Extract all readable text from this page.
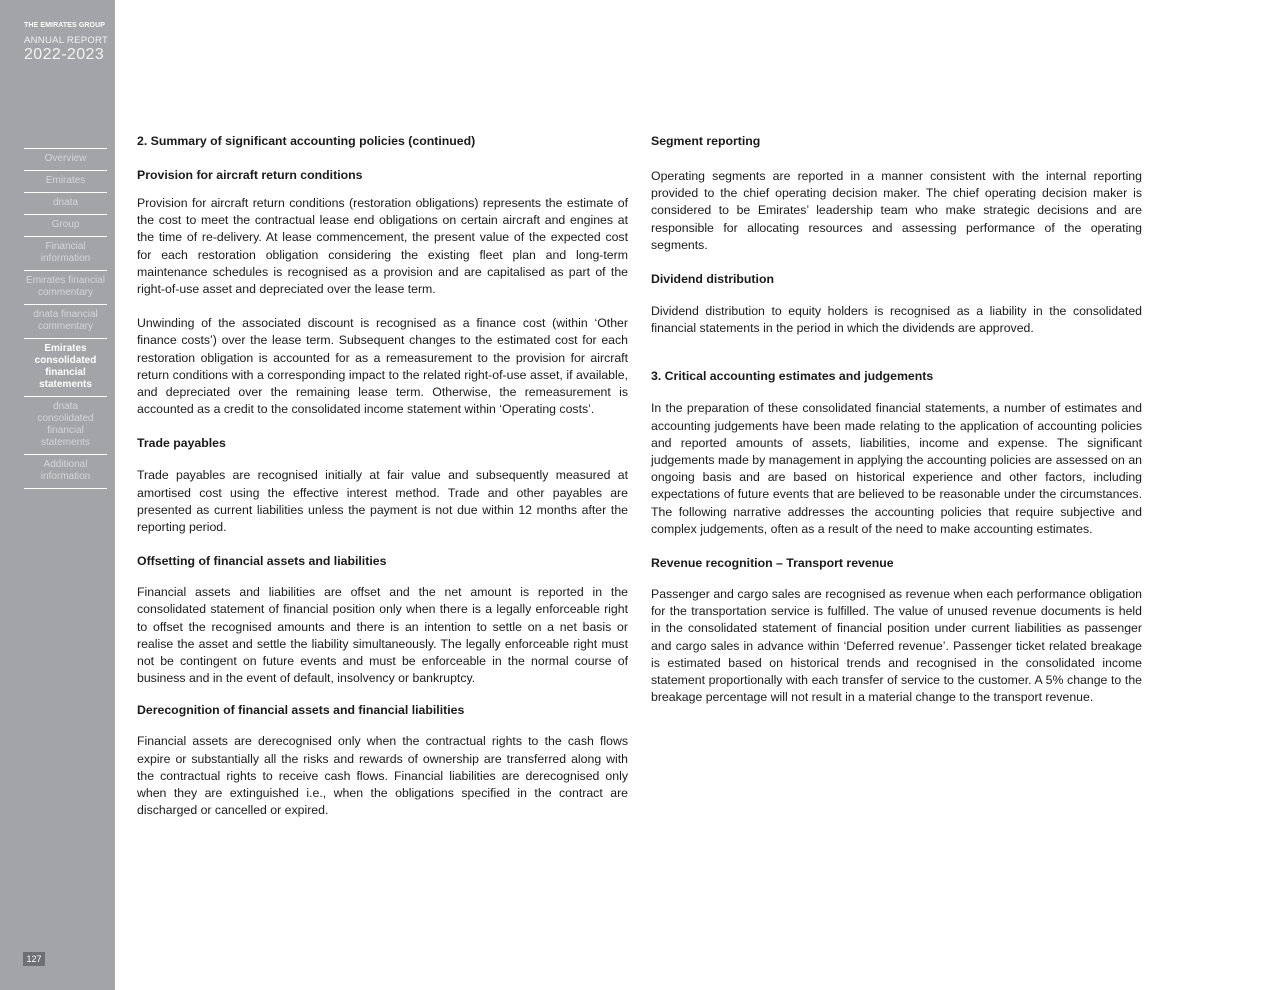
THE EMIRATES GROUP
ANNUAL REPORT
2022-2023
Overview
Emirates
dnata
Group
Financial information
Emirates financial commentary
dnata financial commentary
Emirates consolidated financial statements
dnata consolidated financial statements
Additional information
127
2. Summary of significant accounting policies (continued)
Provision for aircraft return conditions

Provision for aircraft return conditions (restoration obligations) represents the estimate of the cost to meet the contractual lease end obligations on certain aircraft and engines at the time of re-delivery. At lease commencement, the present value of the expected cost for each restoration obligation considering the existing fleet plan and long-term maintenance schedules is recognised as a provision and are capitalised as part of the right-of-use asset and depreciated over the lease term.

Unwinding of the associated discount is recognised as a finance cost (within ‘Other finance costs’) over the lease term. Subsequent changes to the estimated cost for each restoration obligation is accounted for as a remeasurement to the provision for aircraft return conditions with a corresponding impact to the related right-of-use asset, if available, and depreciated over the remaining lease term. Otherwise, the remeasurement is accounted as a credit to the consolidated income statement within ‘Operating costs’.

Trade payables

Trade payables are recognised initially at fair value and subsequently measured at amortised cost using the effective interest method. Trade and other payables are presented as current liabilities unless the payment is not due within 12 months after the reporting period.

Offsetting of financial assets and liabilities

Financial assets and liabilities are offset and the net amount is reported in the consolidated statement of financial position only when there is a legally enforceable right to offset the recognised amounts and there is an intention to settle on a net basis or realise the asset and settle the liability simultaneously. The legally enforceable right must not be contingent on future events and must be enforceable in the normal course of business and in the event of default, insolvency or bankruptcy.

Derecognition of financial assets and financial liabilities

Financial assets are derecognised only when the contractual rights to the cash flows expire or substantially all the risks and rewards of ownership are transferred along with the contractual rights to receive cash flows. Financial liabilities are derecognised only when they are extinguished i.e., when the obligations specified in the contract are discharged or cancelled or expired.

Segment reporting

Operating segments are reported in a manner consistent with the internal reporting provided to the chief operating decision maker. The chief operating decision maker is considered to be Emirates’ leadership team who make strategic decisions and are responsible for allocating resources and assessing performance of the operating segments.

Dividend distribution

Dividend distribution to equity holders is recognised as a liability in the consolidated financial statements in the period in which the dividends are approved.

3. Critical accounting estimates and judgements

In the preparation of these consolidated financial statements, a number of estimates and accounting judgements have been made relating to the application of accounting policies and reported amounts of assets, liabilities, income and expense. The significant judgements made by management in applying the accounting policies are assessed on an ongoing basis and are based on historical experience and other factors, including expectations of future events that are believed to be reasonable under the circumstances. The following narrative addresses the accounting policies that require subjective and complex judgements, often as a result of the need to make accounting estimates.

Revenue recognition – Transport revenue

Passenger and cargo sales are recognised as revenue when each performance obligation for the transportation service is fulfilled. The value of unused revenue documents is held in the consolidated statement of financial position under current liabilities as passenger and cargo sales in advance within ‘Deferred revenue’. Passenger ticket related breakage is estimated based on historical trends and recognised in the consolidated income statement proportionally with each transfer of service to the customer. A 5% change to the breakage percentage will not result in a material change to the transport revenue.
